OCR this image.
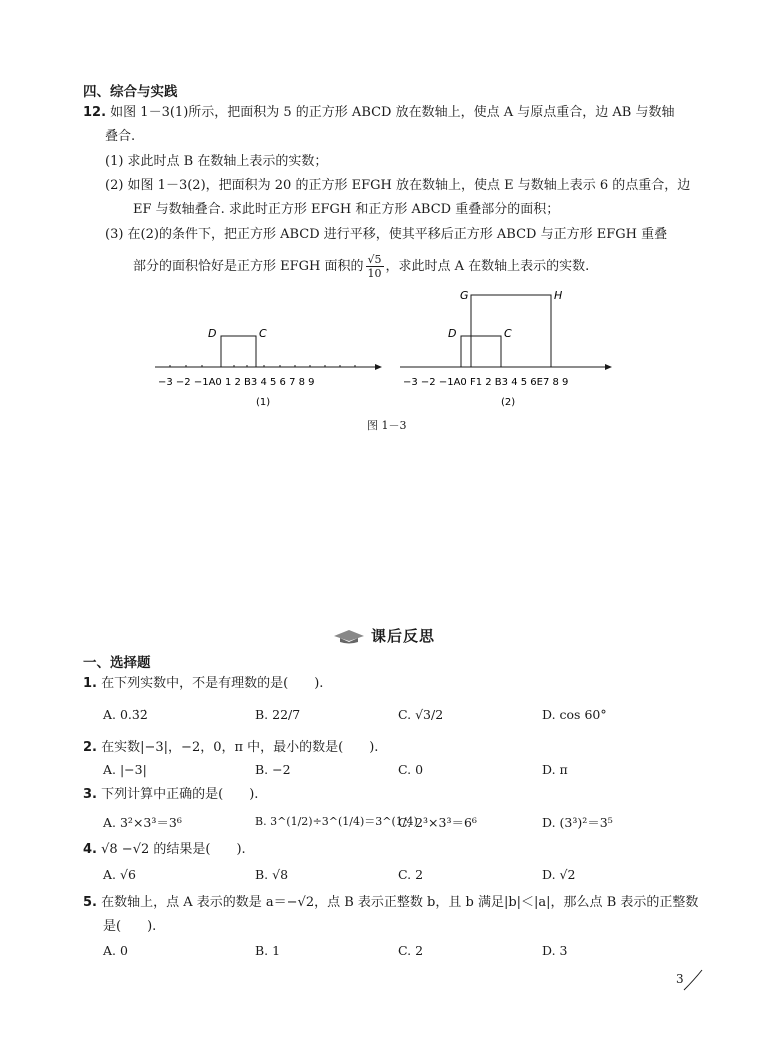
四、综合与实践
12. 如图 1－3(1)所示，把面积为 5 的正方形 ABCD 放在数轴上，使点 A 与原点重合，边 AB 与数轴
叠合.
(1) 求此时点 B 在数轴上表示的实数；
(2) 如图 1－3(2)，把面积为 20 的正方形 EFGH 放在数轴上，使点 E 与数轴上表示 6 的点重合，边
EF 与数轴叠合. 求此时正方形 EFGH 和正方形 ABCD 重叠部分的面积；
(3) 在(2)的条件下，把正方形 ABCD 进行平移，使其平移后正方形 ABCD 与正方形 EFGH 重叠
部分的面积恰好是正方形 EFGH 面积的 $\frac{√5}{10}$ ，求此时点 A 在数轴上表示的实数.
D	C
−3 −2 −1A0 1 2 B3 4 5 6 7 8 9
(1)
G	H
D	C
−3 −2 −1A0 F1 2 B3 4 5 6E7 8 9
(2)
图 1－3
课后反思
一、选择题
1. 在下列实数中，不是有理数的是(　　).
A. 0.3̇2̇	B. 22/7	C. √3/2	D. cos 60°
2. 在实数|−3|，−2，0，π 中，最小的数是(　　).
A. |−3|	B. −2	C. 0	D. π
3. 下列计算中正确的是(　　).
A. 3²×3³＝3⁶	B. 3^(1/2)÷3^(1/4)＝3^(1/4)
C. 2³×3³＝6⁶	D. (3³)²＝3⁵
4. √8 −√2 的结果是(　　).
A. √6	B. √8	C. 2	D. √2
5. 在数轴上，点 A 表示的数是 a＝−√2，点 B 表示正整数 b，且 b 满足|b|＜|a|，那么点 B 表示的正整数
是(　　).
A. 0	B. 1	C. 2	D. 3
3
